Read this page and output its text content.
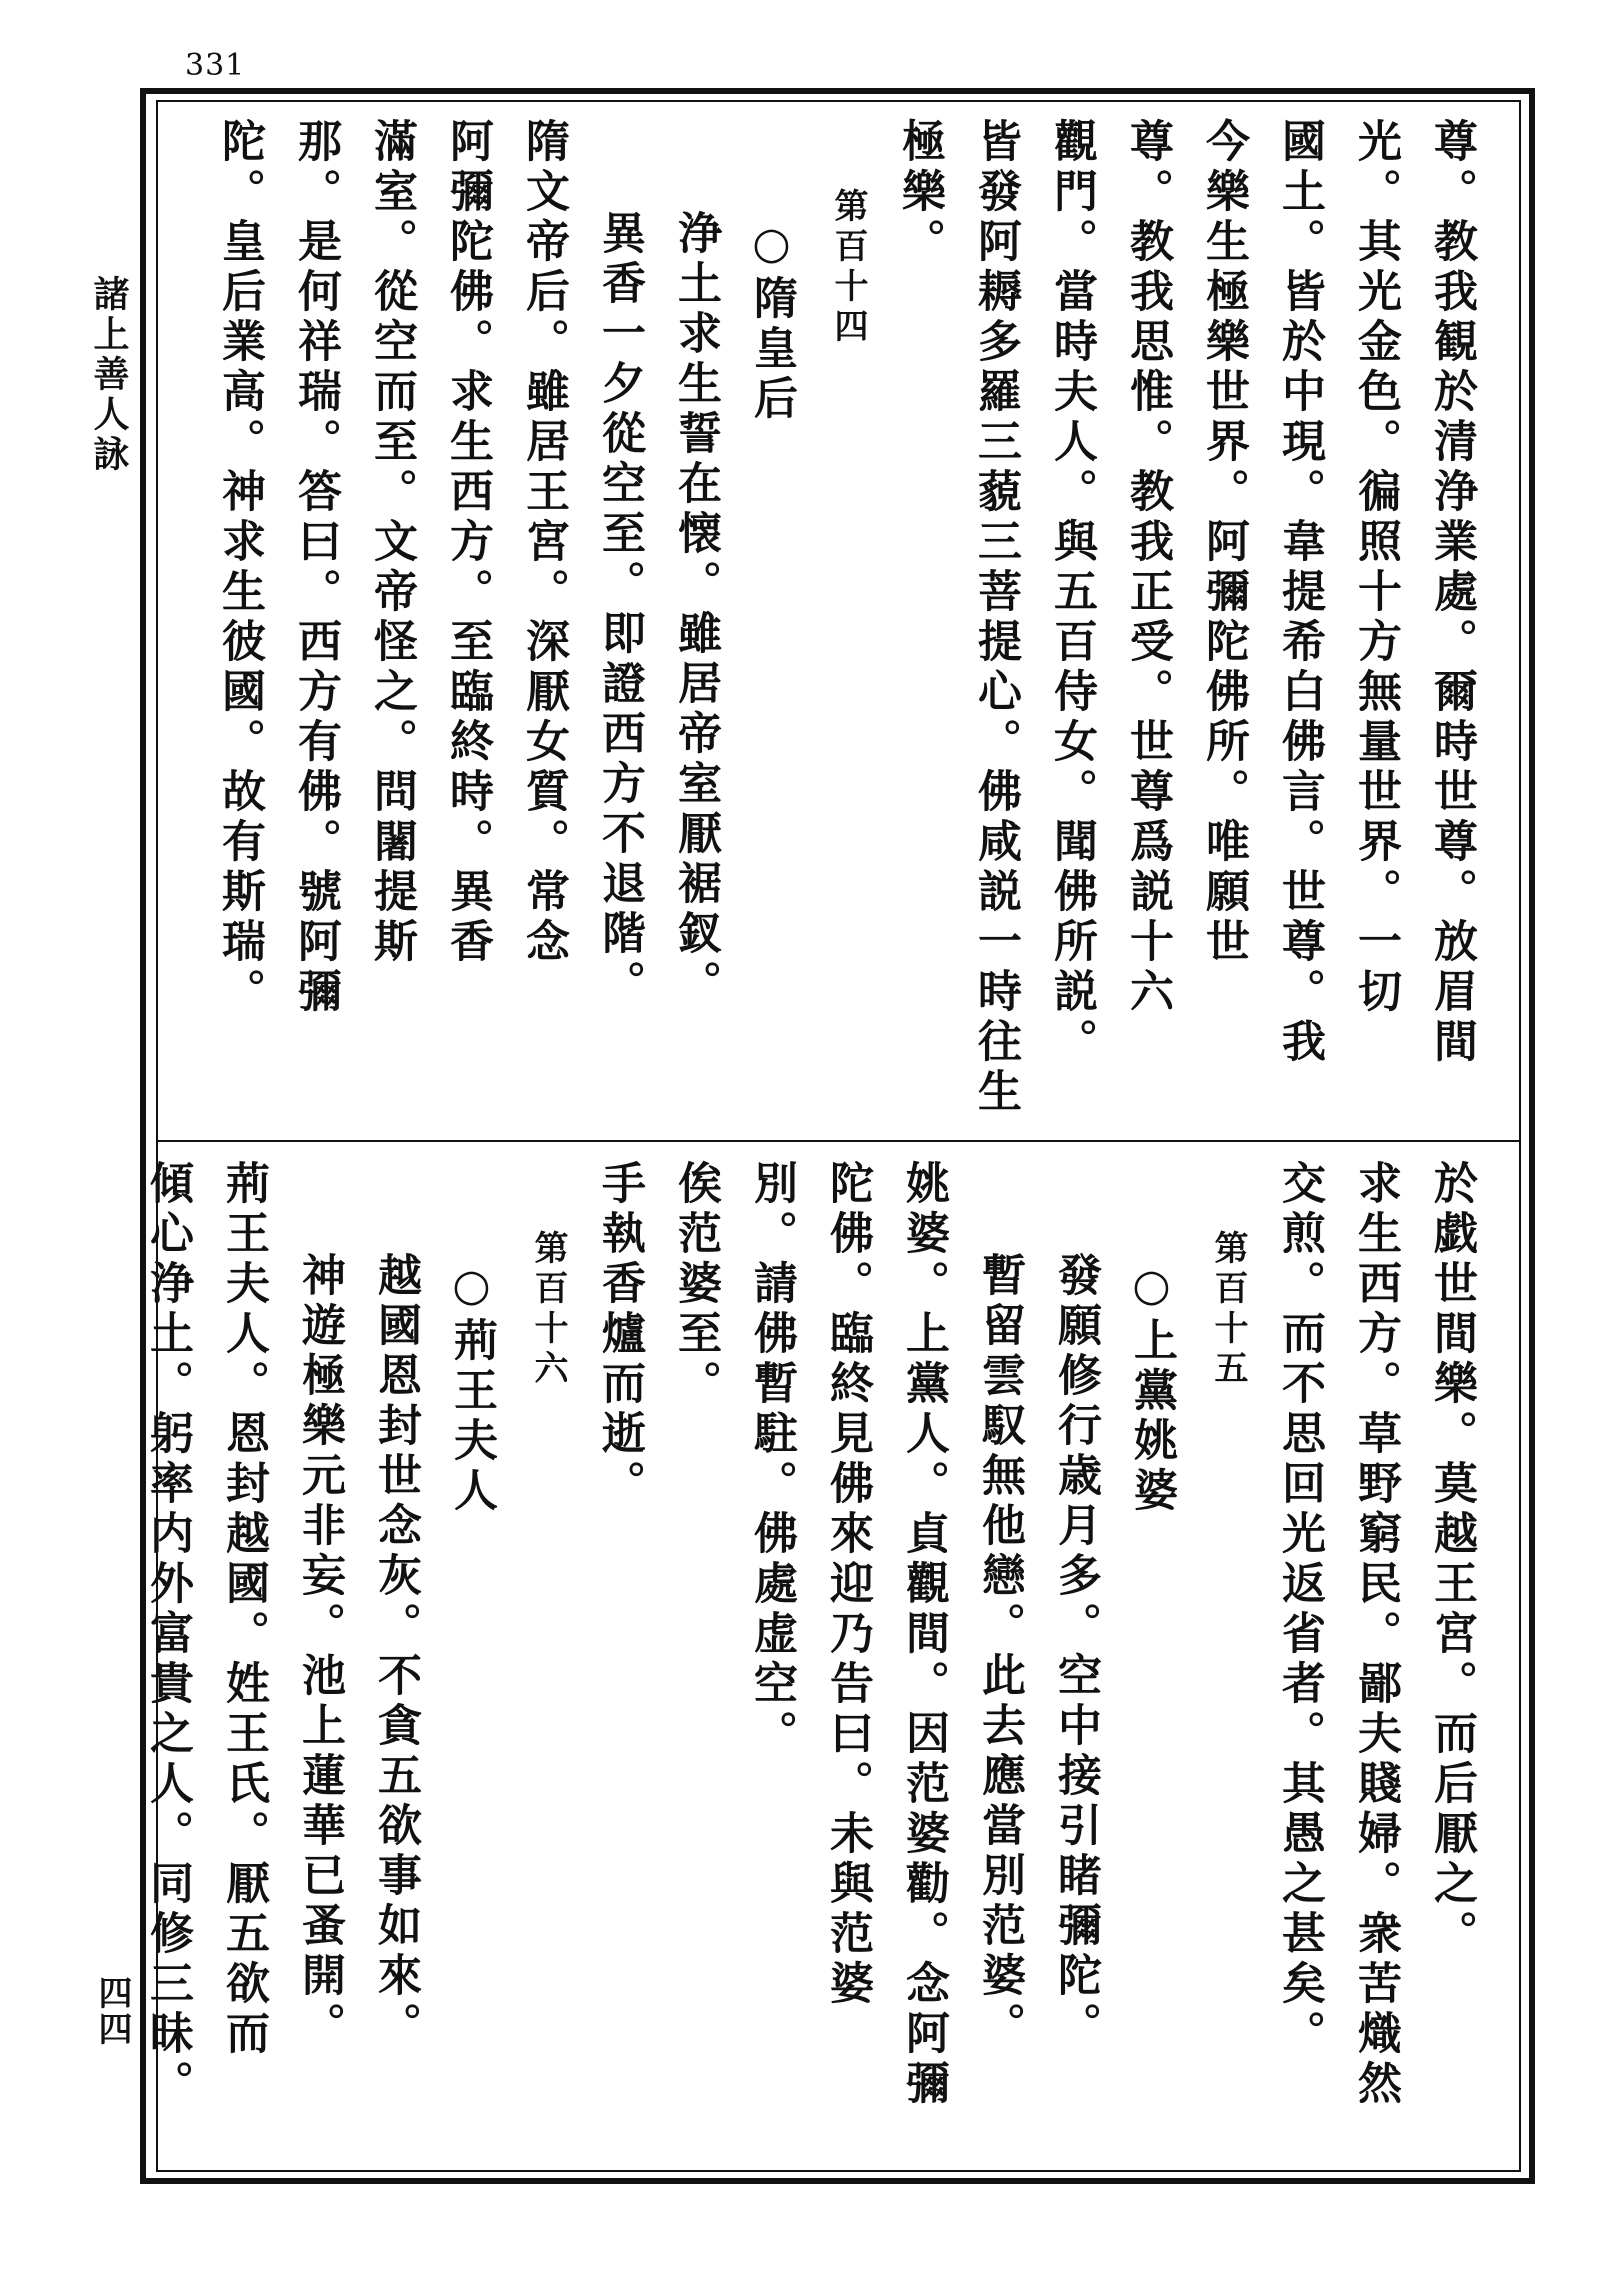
331
諸上善人詠
四四
尊。教我観於清浄業處。爾時世尊。放眉間
光。其光金色。徧照十方無量世界。一切
國土。皆於中現。韋提希白佛言。世尊。我
今樂生極樂世界。阿彌陀佛所。唯願世
尊。教我思惟。教我正受。世尊爲説十六
觀門。當時夫人。與五百侍女。聞佛所説。
皆發阿耨多羅三藐三菩提心。佛咸説一時往生
極樂。
第百十四
○隋皇后
浄土求生誓在懐。雖居帝室厭裾釵。
異香一夕從空至。即證西方不退階。
隋文帝后。雖居王宮。深厭女質。常念
阿彌陀佛。求生西方。至臨終時。異香
滿室。從空而至。文帝怪之。問闍提斯
那。是何祥瑞。答曰。西方有佛。號阿彌
陀。皇后業高。神求生彼國。故有斯瑞。
於戯世間樂。莫越王宮。而后厭之。
求生西方。草野窮民。鄙夫賤婦。衆苦熾然
交煎。而不思回光返省者。其愚之甚矣。
第百十五
○上黨姚婆
發願修行歳月多。空中接引睹彌陀。
暫留雲馭無他戀。此去應當別范婆。
姚婆。上黨人。貞觀間。因范婆勸。念阿彌
陀佛。臨終見佛來迎乃告曰。未與范婆
別。請佛暫駐。佛處虚空。
俟范婆至。
手執香爐而逝。
第百十六
○荊王夫人
越國恩封世念灰。不貪五欲事如來。
神遊極樂元非妄。池上蓮華已蚤開。
荊王夫人。恩封越國。姓王氏。厭五欲而
傾心浄土。躬率内外富貴之人。同修三昧。
